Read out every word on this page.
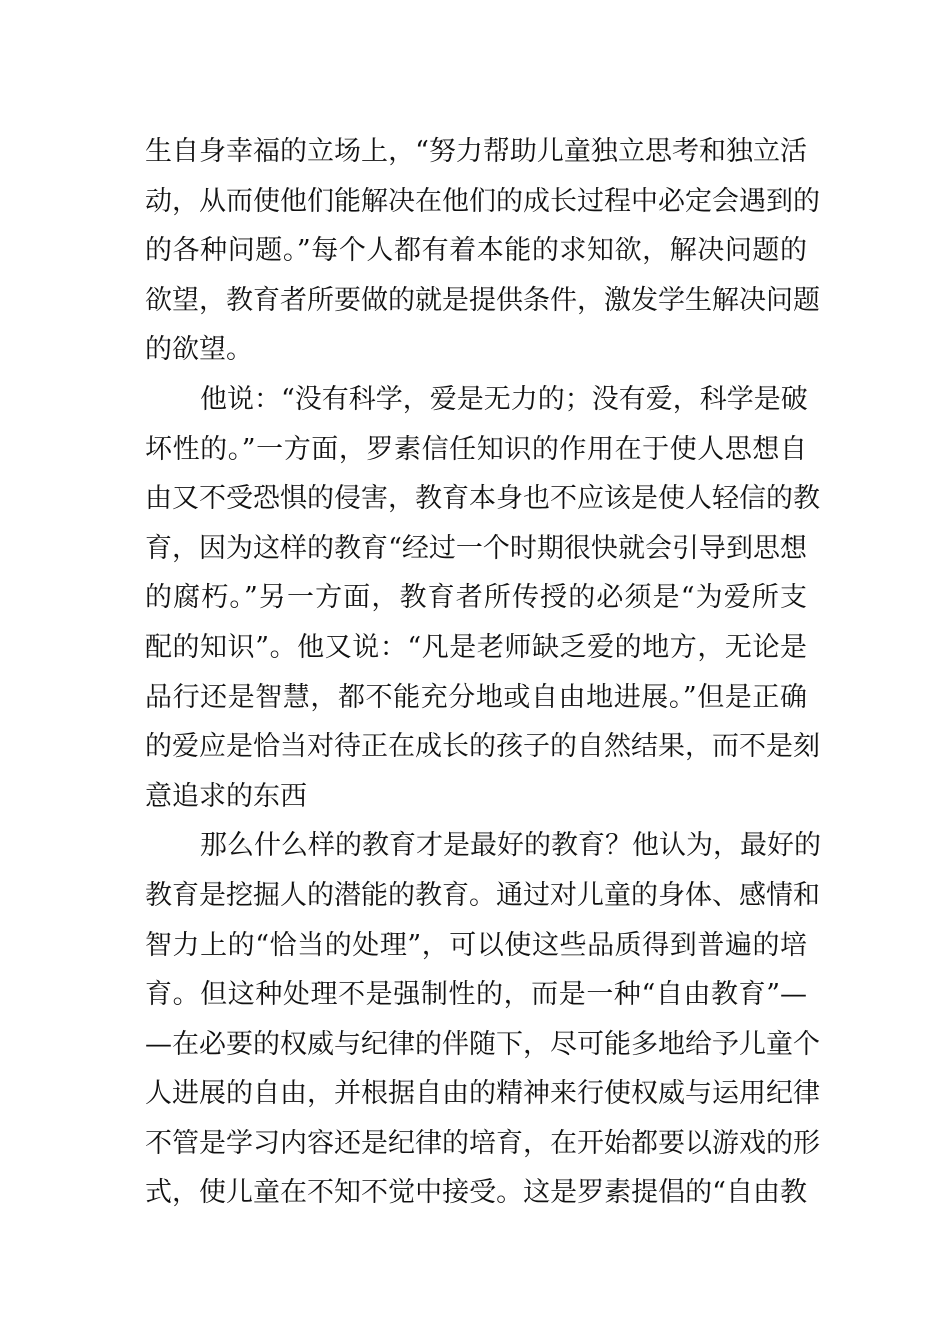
生自身幸福的立场上，“努力帮助儿童独立思考和独立活
动，从而使他们能解决在他们的成长过程中必定会遇到的
的各种问题。”每个人都有着本能的求知欲，解决问题的
欲望，教育者所要做的就是提供条件，激发学生解决问题
的欲望。
他说：“没有科学，爱是无力的；没有爱，科学是破
坏性的。”一方面，罗素信任知识的作用在于使人思想自
由又不受恐惧的侵害，教育本身也不应该是使人轻信的教
育，因为这样的教育“经过一个时期很快就会引导到思想
的腐朽。”另一方面，教育者所传授的必须是“为爱所支
配的知识”。他又说：“凡是老师缺乏爱的地方，无论是
品行还是智慧，都不能充分地或自由地进展。”但是正确
的爱应是恰当对待正在成长的孩子的自然结果，而不是刻
意追求的东西
那么什么样的教育才是最好的教育？他认为，最好的
教育是挖掘人的潜能的教育。通过对儿童的身体、感情和
智力上的“恰当的处理”，可以使这些品质得到普遍的培
育。但这种处理不是强制性的，而是一种“自由教育”—
—在必要的权威与纪律的伴随下，尽可能多地给予儿童个
人进展的自由，并根据自由的精神来行使权威与运用纪律
不管是学习内容还是纪律的培育，在开始都要以游戏的形
式，使儿童在不知不觉中接受。这是罗素提倡的“自由教
